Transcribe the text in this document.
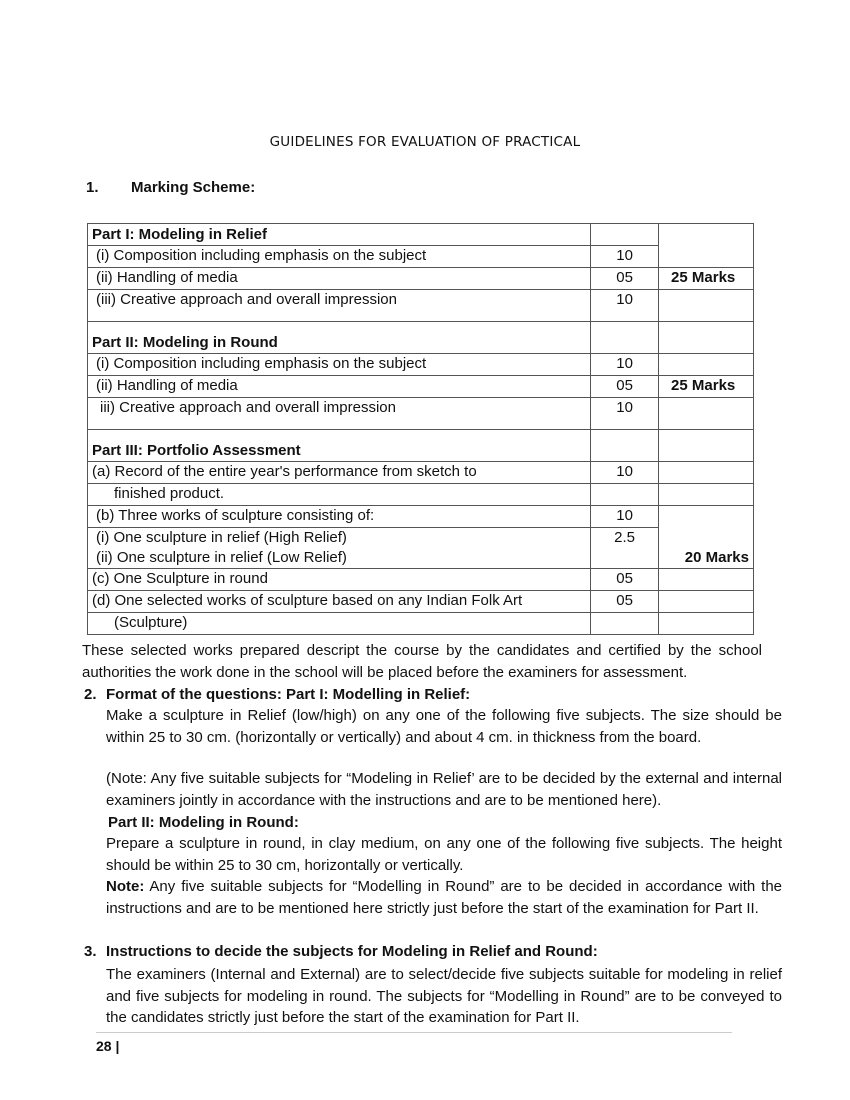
GUIDELINES FOR EVALUATION OF PRACTICAL
1. Marking Scheme:
Part I: Modeling in Relief		
(i) Composition including emphasis on the subject	10	
(ii) Handling of media	05	25 Marks
(iii) Creative approach and overall impression	10	
Part II: Modeling in Round		
(i) Composition including emphasis on the subject	10	
(ii) Handling of media	05	25 Marks
iii) Creative approach and overall impression	10	
Part III: Portfolio Assessment		
(a) Record of the entire year's performance from sketch to	10	
finished product.		
(b) Three works of sculpture consisting of:	10	20 Marks

(i) One sculpture in relief (High Relief)
(ii) One sculpture in relief (Low Relief)	2.5	
(c) One Sculpture in round	05	
(d) One selected works of sculpture based on any Indian Folk Art	05	
(Sculpture)		

These selected works prepared descript the course by the candidates and certified by the school authorities the work done in the school will be placed before the examiners for assessment.

2. Format of the questions: Part I: Modelling in Relief:

Make a sculpture in Relief (low/high) on any one of the following five subjects. The size should be within 25 to 30 cm. (horizontally or vertically) and about 4 cm. in thickness from the board.

(Note: Any five suitable subjects for “Modeling in Relief’ are to be decided by the external and internal examiners jointly in accordance with the instructions and are to be mentioned here).

Part II: Modeling in Round:

Prepare a sculpture in round, in clay medium, on any one of the following five subjects. The height should be within 25 to 30 cm, horizontally or vertically.

Note: Any five suitable subjects for “Modelling in Round” are to be decided in accordance with the instructions and are to be mentioned here strictly just before the start of the examination for Part II.

3. Instructions to decide the subjects for Modeling in Relief and Round:

The examiners (Internal and External) are to select/decide five subjects suitable for modeling in relief and five subjects for modeling in round. The subjects for “Modelling in Round” are to be conveyed to the candidates strictly just before the start of the examination for Part II.

28 |
